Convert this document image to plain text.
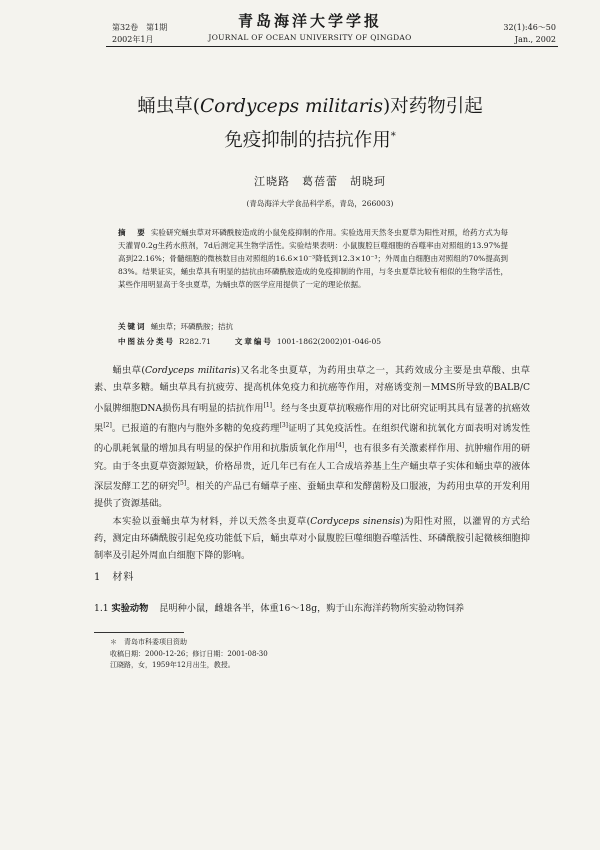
第32卷　第1期
2002年1月
青岛海洋大学学报
JOURNAL OF OCEAN UNIVERSITY OF QINGDAO
32(1):46～50
Jan., 2002
蛹虫草(Cordyceps militaris)对药物引起
免疫抑制的拮抗作用*
江晓路　葛蓓蕾　胡晓珂
(青岛海洋大学食品科学系，青岛，266003)
摘　要 实验研究蛹虫草对环磷酰胺造成的小鼠免疫抑制的作用。实验选用天然冬虫夏草为阳性对照，给药方式为每天灌胃0.2g生药水煎剂，7d后测定其生物学活性。实验结果表明：小鼠腹腔巨噬细胞的吞噬率由对照组的13.97%提高到22.16%；骨髓细胞的微核数目由对照组的16.6×10⁻³降低到12.3×10⁻³；外周血白细胞由对照组的70%提高到83%。结果证实，蛹虫草具有明显的拮抗由环磷酰胺造成的免疫抑制的作用，与冬虫夏草比较有相似的生物学活性，某些作用明显高于冬虫夏草，为蛹虫草的医学应用提供了一定的理论依据。
关键词 蛹虫草；环磷酰胺；拮抗
中图法分类号 R282.71	文章编号 1001-1862(2002)01-046-05

蛹虫草(Cordyceps militaris)又名北冬虫夏草，为药用虫草之一，其药效成分主要是虫草酸、虫草素、虫草多糖。蛹虫草具有抗疲劳、提高机体免疫力和抗癌等作用，对癌诱变剂－MMS所导致的BALB/C小鼠脾细胞DNA损伤具有明显的拮抗作用[1]。经与冬虫夏草抗喉癌作用的对比研究证明其具有显著的抗癌效果[2]。已报道的有胞内与胞外多糖的免疫药理[3]证明了其免疫活性。在组织代谢和抗氧化方面表明对诱发性的心肌耗氧量的增加具有明显的保护作用和抗脂质氧化作用[4]，也有很多有关激素样作用、抗肿瘤作用的研究。由于冬虫夏草资源短缺，价格昂贵，近几年已有在人工合成培养基上生产蛹虫草子实体和蛹虫草的液体深层发酵工艺的研究[5]。相关的产品已有蛹草子座、蚕蛹虫草和发酵菌粉及口服液，为药用虫草的开发利用提供了资源基础。

本实验以蚕蛹虫草为材料，并以天然冬虫夏草(Cordyceps sinensis)为阳性对照，以灌胃的方式给药，测定由环磷酰胺引起免疫功能低下后，蛹虫草对小鼠腹腔巨噬细胞吞噬活性、环磷酰胺引起微核细胞抑制率及引起外周血白细胞下降的影响。

1　材料
1.1 实验动物 昆明种小鼠，雌雄各半，体重16～18g，购于山东海洋药物所实验动物饲养
＊　青岛市科委项目资助
收稿日期：2000-12-26；修订日期：2001-08-30
江晓路，女，1959年12月出生，教授。
